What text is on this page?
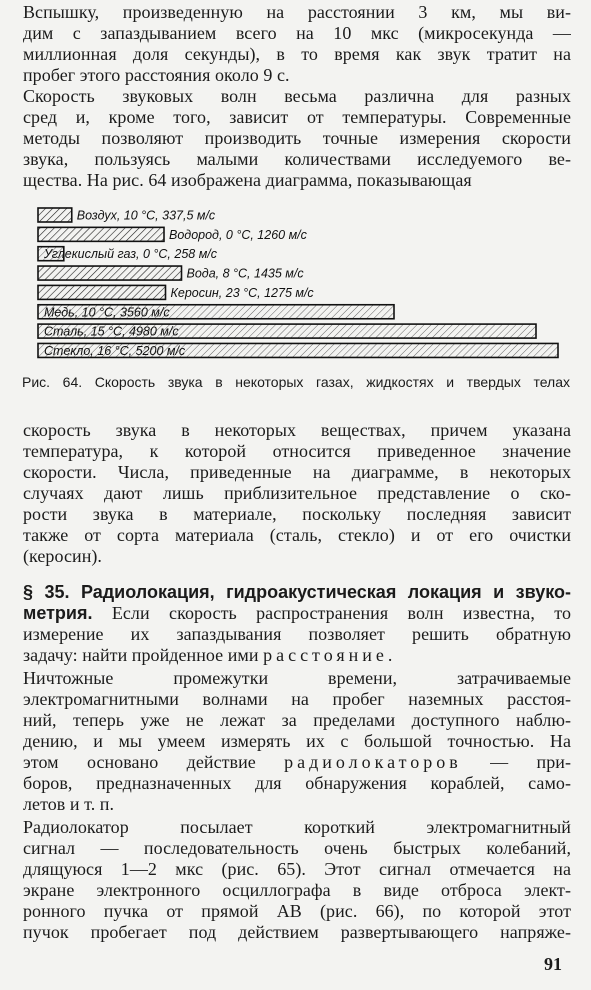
Вспышку, произведенную на расстоянии 3 км, мы ви-
дим с запаздыванием всего на 10 мкс (микросекунда —
миллионная доля секунды), в то время как звук тратит на
пробег этого расстояния около 9 с.

Скорость звуковых волн весьма различна для разных
сред и, кроме того, зависит от температуры. Современные
методы позволяют производить точные измерения скорости
звука, пользуясь малыми количествами исследуемого ве-
щества. На рис. 64 изображена диаграмма, показывающая

Воздух, 10 °С, 337,5 м/с
Водород, 0 °С, 1260 м/с
Углекислый газ, 0 °С, 258 м/с
Вода, 8 °С, 1435 м/с
Керосин, 23 °С, 1275 м/с
Медь, 10 °С, 3560 м/с
Сталь, 15 °С, 4980 м/с
Стекло, 16 °С, 5200 м/с

Рис. 64. Скорость звука в некоторых газах, жидкостях и твердых телах

скорость звука в некоторых веществах, причем указана
температура, к которой относится приведенное значение
скорости. Числа, приведенные на диаграмме, в некоторых
случаях дают лишь приблизительное представление о ско-
рости звука в материале, поскольку последняя зависит
также от сорта материала (сталь, стекло) и от его очистки
(керосин).

§ 35. Радиолокация, гидроакустическая локация и звуко-
метрия. Если скорость распространения волн известна, то
измерение их запаздывания позволяет решить обратную
задачу: найти пройденное ими расстояние.

Ничтожные промежутки времени, затрачиваемые
электромагнитными волнами на пробег наземных расстоя-
ний, теперь уже не лежат за пределами доступного наблю-
дению, и мы умеем измерять их с большой точностью. На
этом основано действие радиолокаторов — при-
боров, предназначенных для обнаружения кораблей, само-
летов и т. п.

Радиолокатор посылает короткий электромагнитный
сигнал — последовательность очень быстрых колебаний,
длящуюся 1—2 мкс (рис. 65). Этот сигнал отмечается на
экране электронного осциллографа в виде отброса элект-
ронного пучка от прямой AB (рис. 66), по которой этот
пучок пробегает под действием развертывающего напряже-

91
